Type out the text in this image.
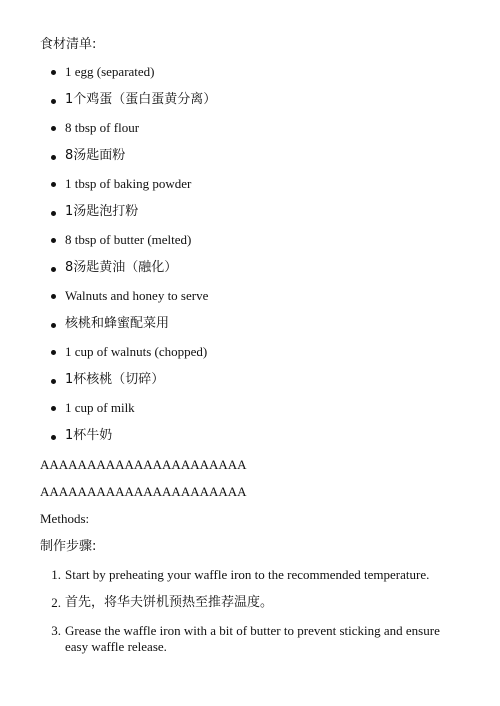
食材清单:
1 egg (separated)
1个鸡蛋（蛋白蛋黄分离）
8 tbsp of flour
8汤匙面粉
1 tbsp of baking powder
1汤匙泡打粉
8 tbsp of butter (melted)
8汤匙黄油（融化）
Walnuts and honey to serve
核桃和蜂蜜配菜用
1 cup of walnuts (chopped)
1杯核桃（切碎）
1 cup of milk
1杯牛奶
AAAAAAAAAAAAAAAAAAAAAA
AAAAAAAAAAAAAAAAAAAAAA
Methods:
制作步骤:
1. Start by preheating your waffle iron to the recommended temperature.
2. 首先，将华夫饼机预热至推荐温度。
3. Grease the waffle iron with a bit of butter to prevent sticking and ensure easy waffle release.
